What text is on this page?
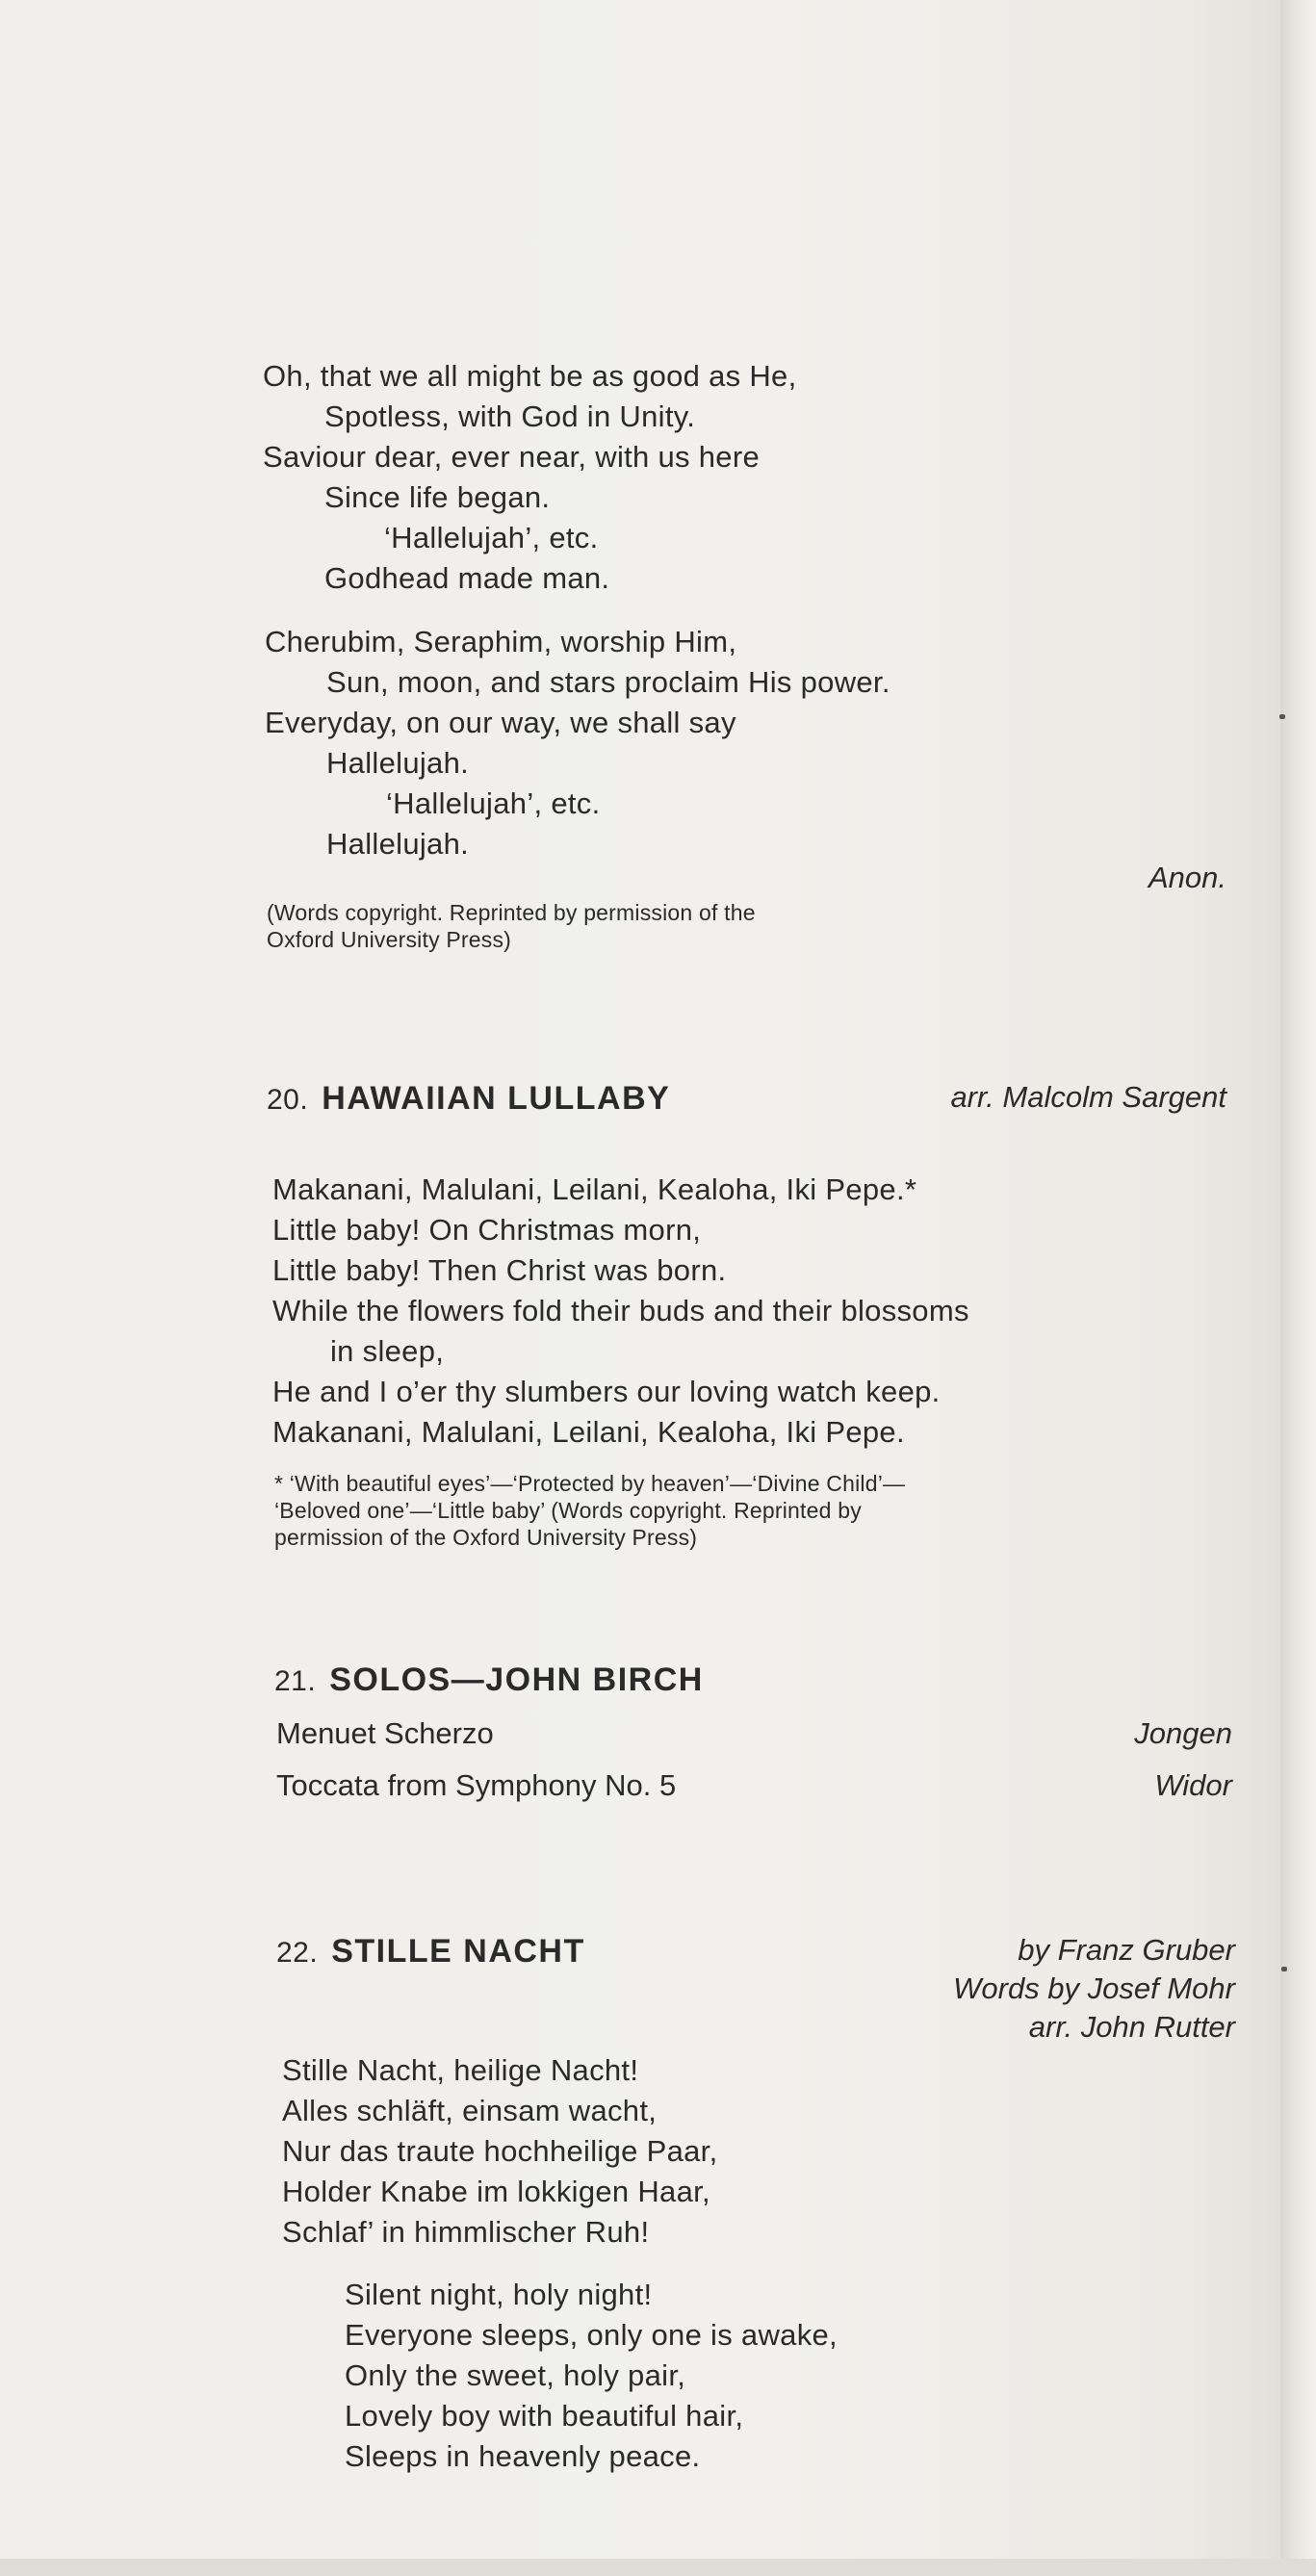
Oh, that we all might be as good as He,
Spotless, with God in Unity.
Saviour dear, ever near, with us here
Since life began.
‘Hallelujah’, etc.
Godhead made man.
Cherubim, Seraphim, worship Him,
Sun, moon, and stars proclaim His power.
Everyday, on our way, we shall say
Hallelujah.
‘Hallelujah’, etc.
Hallelujah.
Anon.
(Words copyright. Reprinted by permission of the
Oxford University Press)
20. HAWAIIAN LULLABY	arr. Malcolm Sargent
Makanani, Malulani, Leilani, Kealoha, Iki Pepe.*
Little baby! On Christmas morn,
Little baby! Then Christ was born.
While the flowers fold their buds and their blossoms
in sleep,
He and I o’er thy slumbers our loving watch keep.
Makanani, Malulani, Leilani, Kealoha, Iki Pepe.
* ‘With beautiful eyes’—‘Protected by heaven’—‘Divine Child’—
‘Beloved one’—‘Little baby’ (Words copyright. Reprinted by
permission of the Oxford University Press)
21. SOLOS—JOHN BIRCH
Menuet Scherzo	Jongen
Toccata from Symphony No. 5	Widor
22. STILLE NACHT	by Franz Gruber
Words by Josef Mohr
arr. John Rutter
Stille Nacht, heilige Nacht!
Alles schläft, einsam wacht,
Nur das traute hochheilige Paar,
Holder Knabe im lokkigen Haar,
Schlaf’ in himmlischer Ruh!
Silent night, holy night!
Everyone sleeps, only one is awake,
Only the sweet, holy pair,
Lovely boy with beautiful hair,
Sleeps in heavenly peace.
